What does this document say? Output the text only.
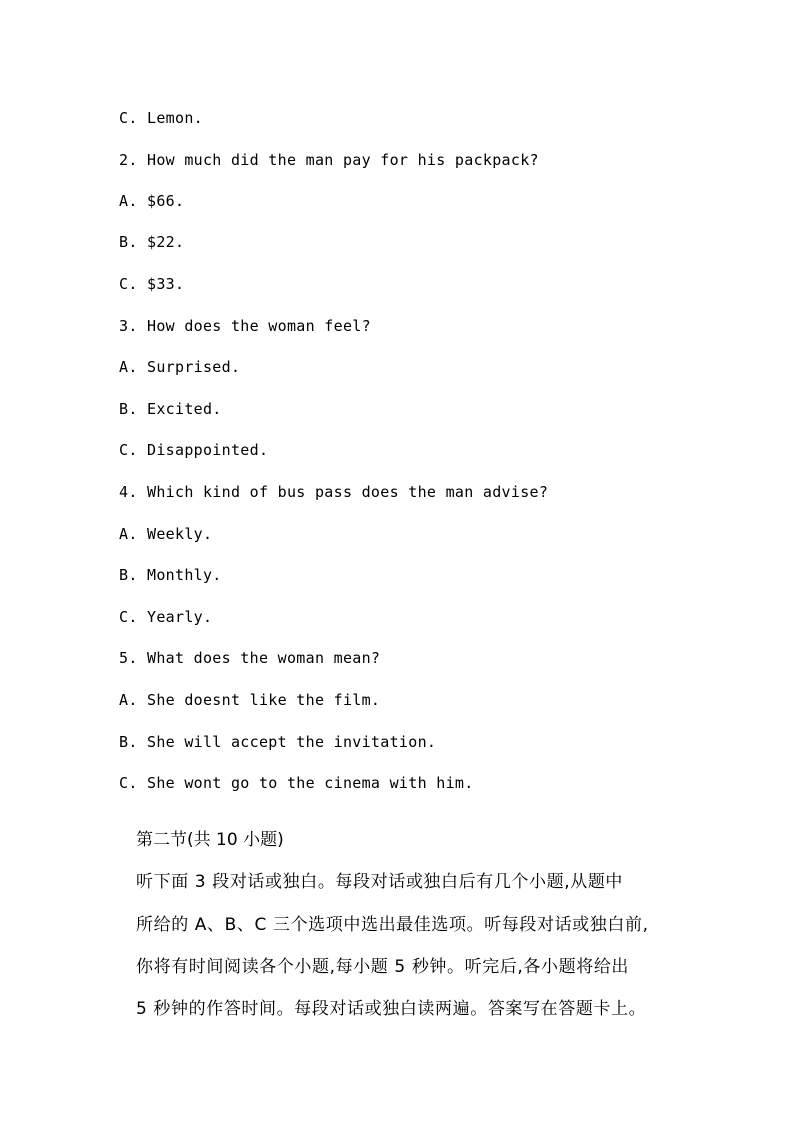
C. Lemon.
2. How much did the man pay for his packpack?
A. $66.
B. $22.
C. $33.
3. How does the woman feel?
A. Surprised.
B. Excited.
C. Disappointed.
4. Which kind of bus pass does the man advise?
A. Weekly.
B. Monthly.
C. Yearly.
5. What does the woman mean?
A. She doesnt like the film.
B. She will accept the invitation.
C. She wont go to the cinema with him.
第二节(共 10 小题)
听下面 3 段对话或独白。每段对话或独白后有几个小题,从题中
所给的 A、B、C 三个选项中选出最佳选项。听每段对话或独白前,
你将有时间阅读各个小题,每小题 5 秒钟。听完后,各小题将给出
5 秒钟的作答时间。每段对话或独白读两遍。答案写在答题卡上。
